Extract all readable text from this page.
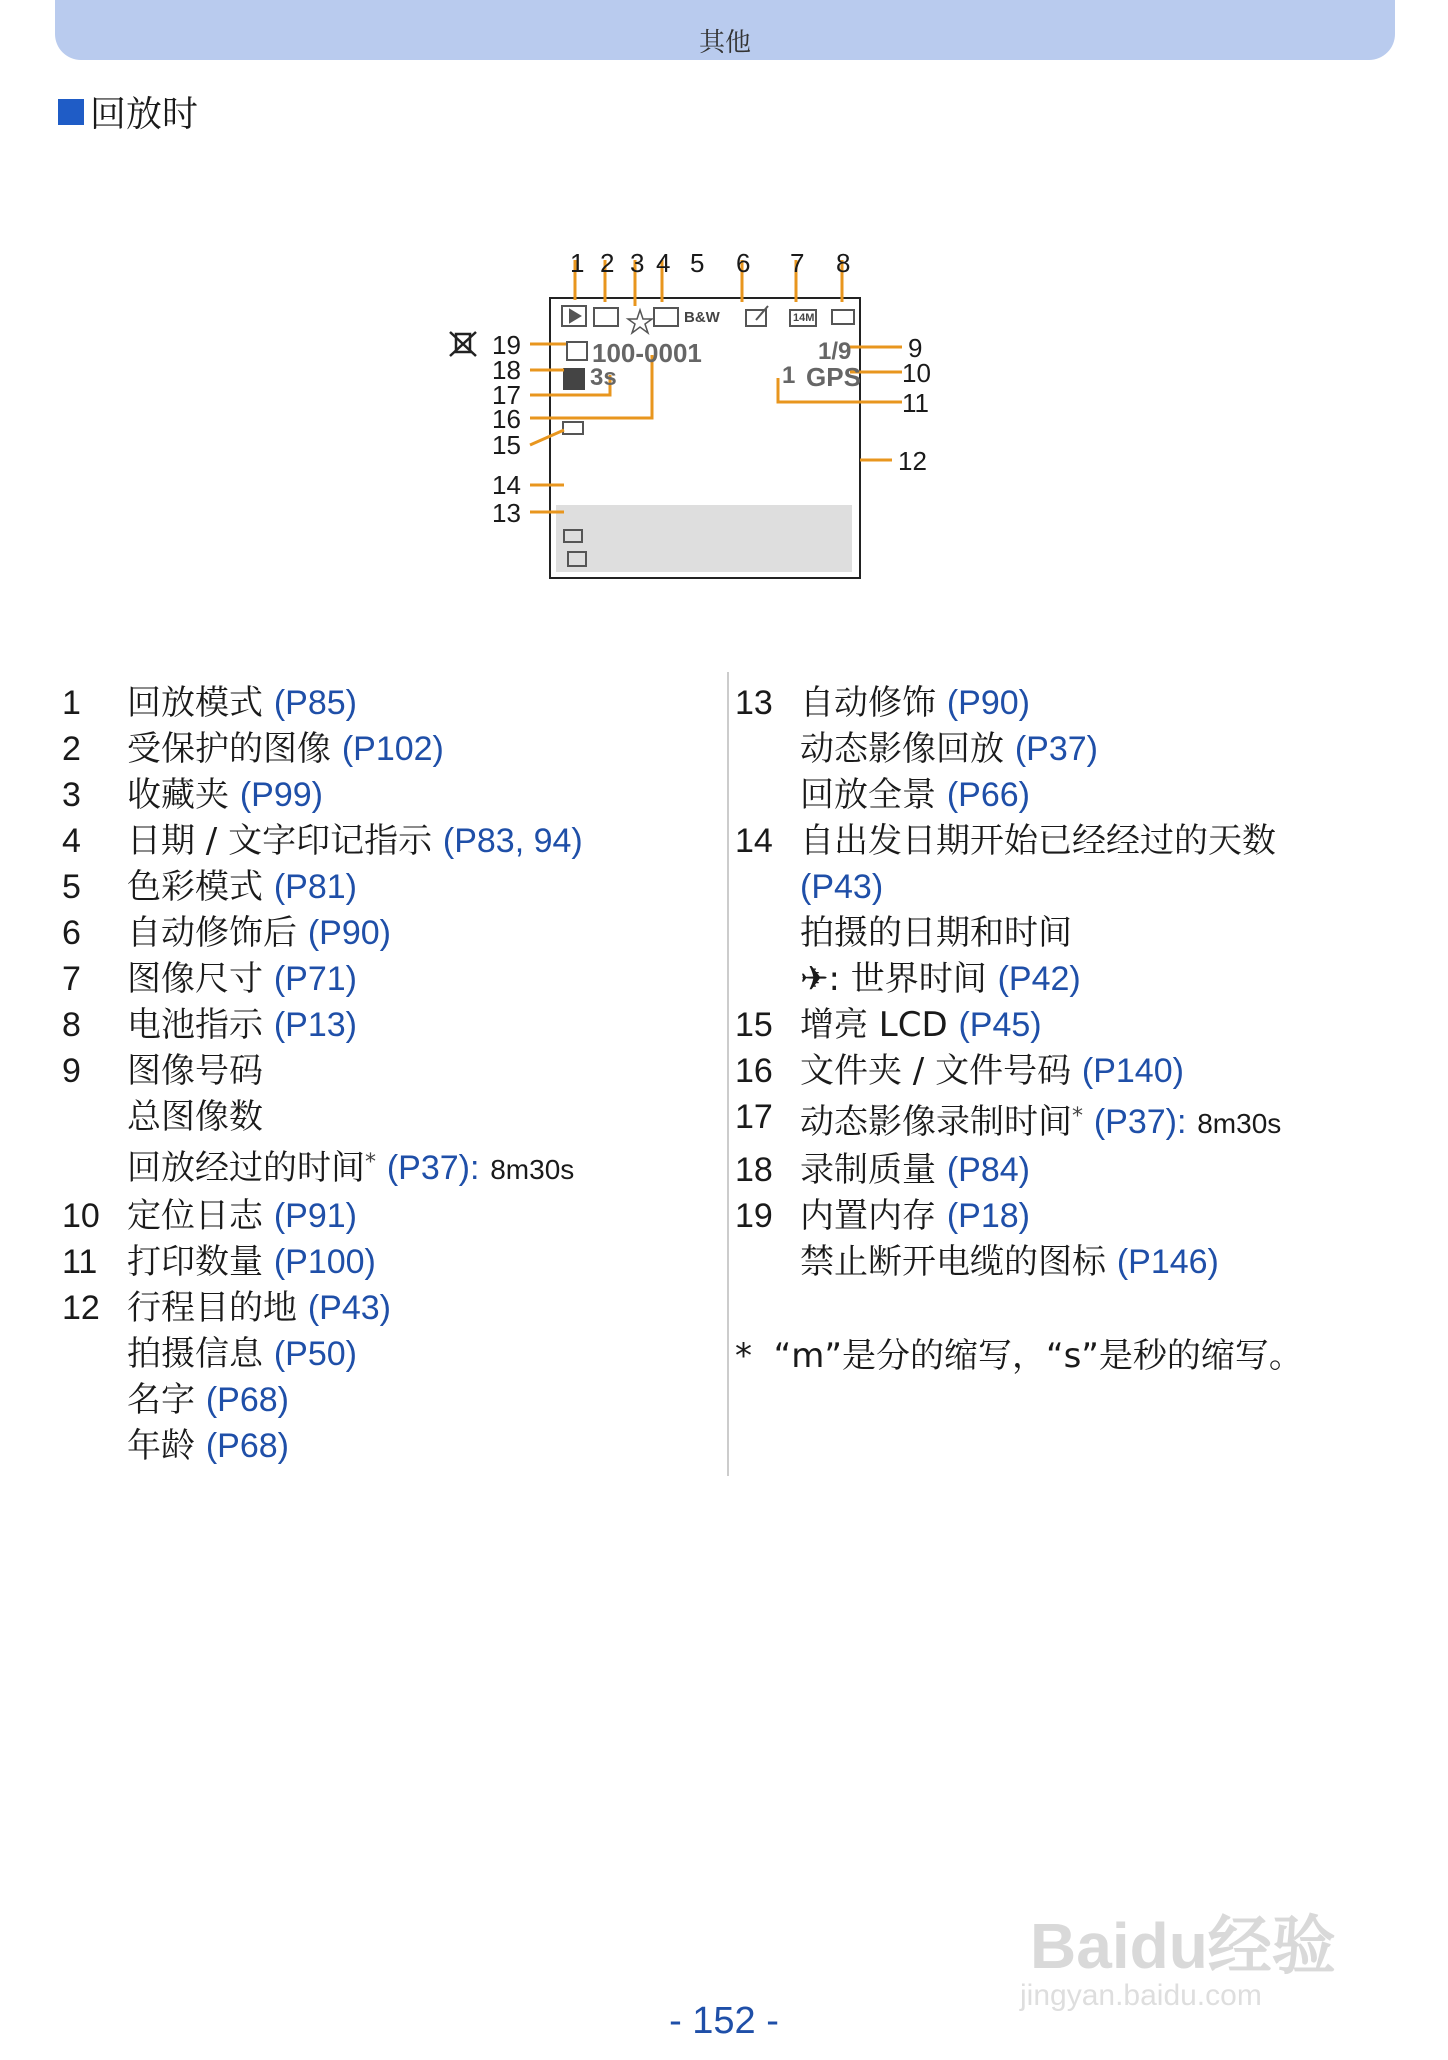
其他
回放时
1 2 3 4 5 6 7 8
9
10
11
12
13
14
15
16
17
18
19	100-0001	1/9
GPS
1
3s
B&W	14M
1 回放模式 (P85)
2 受保护的图像 (P102)
3 收藏夹 (P99)
4 日期 / 文字印记指示 (P83, 94)
5 色彩模式 (P81)
6 自动修饰后 (P90)
7 图像尺寸 (P71)
8 电池指示 (P13)
9 图像号码
总图像数
回放经过的时间* (P37): 8m30s
10 定位日志 (P91)
11 打印数量 (P100)
12 行程目的地 (P43)
拍摄信息 (P50)
名字 (P68)
年龄 (P68)
13 自动修饰 (P90)
动态影像回放 (P37)
回放全景 (P66)
14 自出发日期开始已经经过的天数
(P43)
拍摄的日期和时间
✈: 世界时间 (P42)
15 增亮 LCD (P45)
16 文件夹 / 文件号码 (P140)
17 动态影像录制时间* (P37): 8m30s
18 录制质量 (P84)
19 内置内存 (P18)
禁止断开电缆的图标 (P146)
* “m”是分的缩写，“s”是秒的缩写。
- 152 -
Baidu经验
jingyan.baidu.com
